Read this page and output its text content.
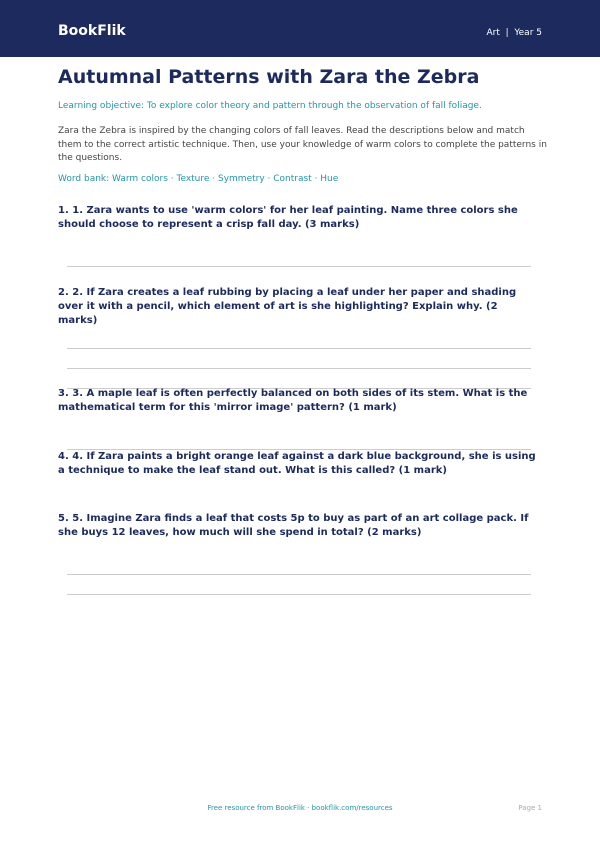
BookFlik	Art  |  Year 5
Autumnal Patterns with Zara the Zebra
Learning objective: To explore color theory and pattern through the observation of fall foliage.
Zara the Zebra is inspired by the changing colors of fall leaves. Read the descriptions below and match them to the correct artistic technique. Then, use your knowledge of warm colors to complete the patterns in the questions.
Word bank: Warm colors · Texture · Symmetry · Contrast · Hue
1. 1. Zara wants to use 'warm colors' for her leaf painting. Name three colors she should choose to represent a crisp fall day. (3 marks)
2. 2. If Zara creates a leaf rubbing by placing a leaf under her paper and shading over it with a pencil, which element of art is she highlighting? Explain why. (2 marks)
3. 3. A maple leaf is often perfectly balanced on both sides of its stem. What is the mathematical term for this 'mirror image' pattern? (1 mark)
4. 4. If Zara paints a bright orange leaf against a dark blue background, she is using a technique to make the leaf stand out. What is this called? (1 mark)
5. 5. Imagine Zara finds a leaf that costs 5p to buy as part of an art collage pack. If she buys 12 leaves, how much will she spend in total? (2 marks)
Free resource from BookFlik · bookflik.com/resources	Page 1
